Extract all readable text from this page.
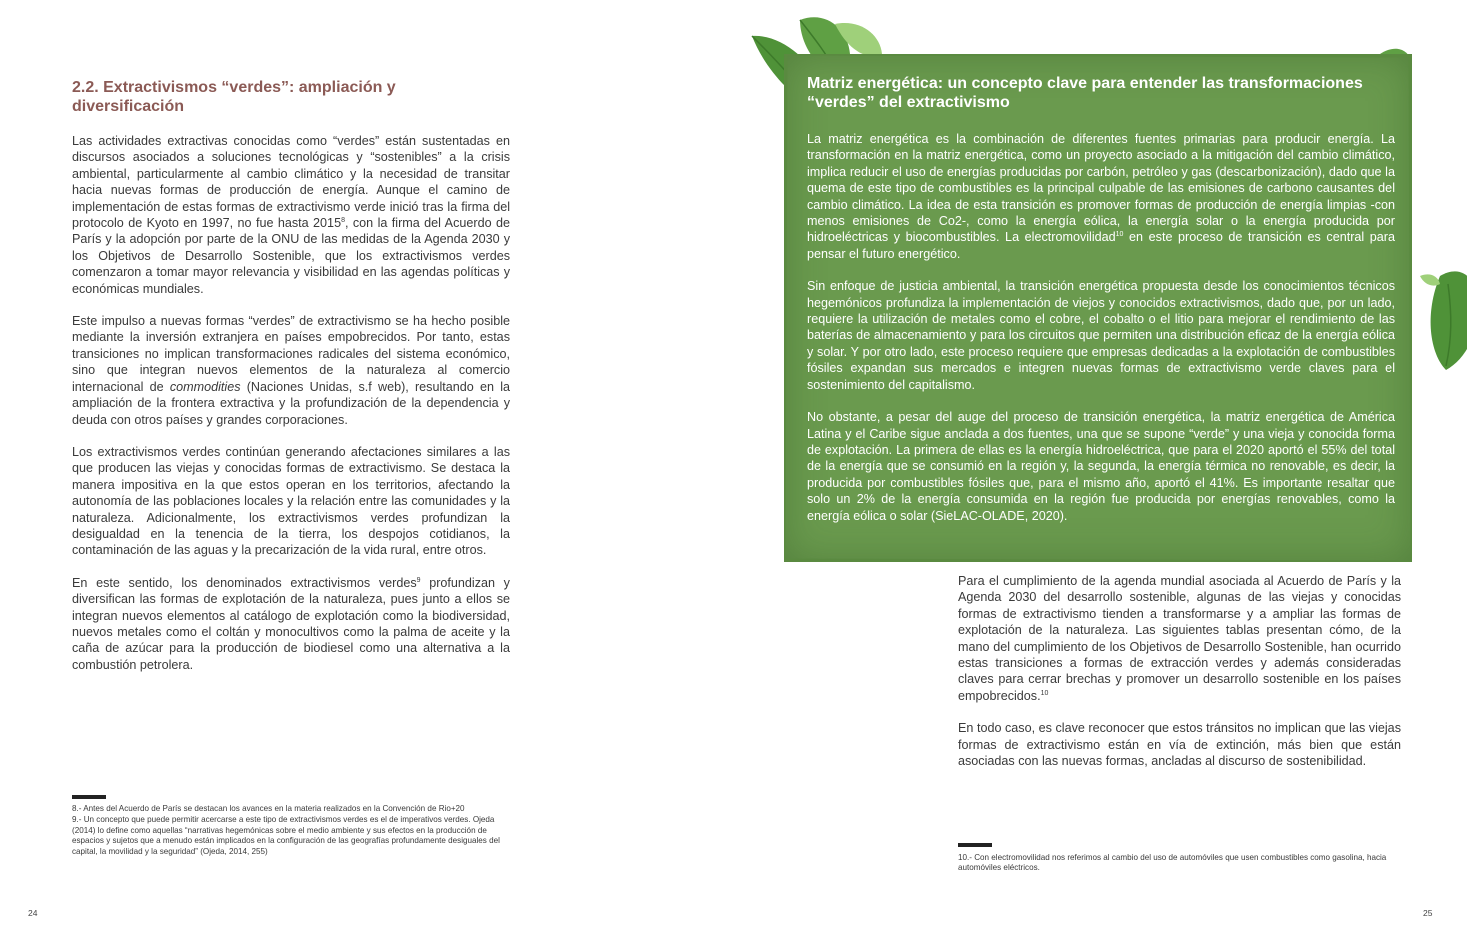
2.2. Extractivismos “verdes”: ampliación y diversificación

Las actividades extractivas conocidas como “verdes” están sustentadas en discursos asociados a soluciones tecnológicas y “sostenibles” a la crisis ambiental, particularmente al cambio climático y la necesidad de transitar hacia nuevas formas de producción de energía. Aunque el camino de implementación de estas formas de extractivismo verde inició tras la firma del protocolo de Kyoto en 1997, no fue hasta 2015$^8$, con la firma del Acuerdo de París y la adopción por parte de la ONU de las medidas de la Agenda 2030 y los Objetivos de Desarrollo Sostenible, que los extractivismos verdes comenzaron a tomar mayor relevancia y visibilidad en las agendas políticas y económicas mundiales.

Este impulso a nuevas formas “verdes” de extractivismo se ha hecho posible mediante la inversión extranjera en países empobrecidos. Por tanto, estas transiciones no implican transformaciones radicales del sistema económico, sino que integran nuevos elementos de la naturaleza al comercio internacional de commodities (Naciones Unidas, s.f web), resultando en la ampliación de la frontera extractiva y la profundización de la dependencia y deuda con otros países y grandes corporaciones.

Los extractivismos verdes continúan generando afectaciones similares a las que producen las viejas y conocidas formas de extractivismo. Se destaca la manera impositiva en la que estos operan en los territorios, afectando la autonomía de las poblaciones locales y la relación entre las comunidades y la naturaleza. Adicionalmente, los extractivismos verdes profundizan la desigualdad en la tenencia de la tierra, los despojos cotidianos, la contaminación de las aguas y la precarización de la vida rural, entre otros.

En este sentido, los denominados extractivismos verdes$^9$ profundizan y diversifican las formas de explotación de la naturaleza, pues junto a ellos se integran nuevos elementos al catálogo de explotación como la biodiversidad, nuevos metales como el coltán y monocultivos como la palma de aceite y la caña de azúcar para la producción de biodiesel como una alternativa a la combustión petrolera.

8.- Antes del Acuerdo de París se destacan los avances en la materia realizados en la Convención de Rio+20

9.- Un concepto que puede permitir acercarse a este tipo de extractivismos verdes es el de imperativos verdes. Ojeda (2014) lo define como aquellas “narrativas hegemónicas sobre el medio ambiente y sus efectos en la producción de espacios y sujetos que a menudo están implicados en la configuración de las geografías profundamente desiguales del capital, la movilidad y la seguridad” (Ojeda, 2014, 255)

24
Matriz energética: un concepto clave para entender las transformaciones “verdes” del extractivismo

La matriz energética es la combinación de diferentes fuentes primarias para producir energía. La transformación en la matriz energética, como un proyecto asociado a la mitigación del cambio climático, implica reducir el uso de energías producidas por carbón, petróleo y gas (descarbonización), dado que la quema de este tipo de combustibles es la principal culpable de las emisiones de carbono causantes del cambio climático. La idea de esta transición es promover formas de producción de energía limpias -con menos emisiones de Co2-, como la energía eólica, la energía solar o la energía producida por hidroeléctricas y biocombustibles. La electromovilidad$^{10}$ en este proceso de transición es central para pensar el futuro energético.

Sin enfoque de justicia ambiental, la transición energética propuesta desde los conocimientos técnicos hegemónicos profundiza la implementación de viejos y conocidos extractivismos, dado que, por un lado, requiere la utilización de metales como el cobre, el cobalto o el litio para mejorar el rendimiento de las baterías de almacenamiento y para los circuitos que permiten una distribución eficaz de la energía eólica y solar. Y por otro lado, este proceso requiere que empresas dedicadas a la explotación de combustibles fósiles expandan sus mercados e integren nuevas formas de extractivismo verde claves para el sostenimiento del capitalismo.

No obstante, a pesar del auge del proceso de transición energética, la matriz energética de América Latina y el Caribe sigue anclada a dos fuentes, una que se supone “verde” y una vieja y conocida forma de explotación. La primera de ellas es la energía hidroeléctrica, que para el 2020 aportó el 55% del total de la energía que se consumió en la región y, la segunda, la energía térmica no renovable, es decir, la producida por combustibles fósiles que, para el mismo año, aportó el 41%. Es importante resaltar que solo un 2% de la energía consumida en la región fue producida por energías renovables, como la energía eólica o solar (SieLAC-OLADE, 2020).

Para el cumplimiento de la agenda mundial asociada al Acuerdo de París y la Agenda 2030 del desarrollo sostenible, algunas de las viejas y conocidas formas de extractivismo tienden a transformarse y a ampliar las formas de explotación de la naturaleza. Las siguientes tablas presentan cómo, de la mano del cumplimiento de los Objetivos de Desarrollo Sostenible, han ocurrido estas transiciones a formas de extracción verdes y además consideradas claves para cerrar brechas y promover un desarrollo sostenible en los países empobrecidos.$^{10}$

En todo caso, es clave reconocer que estos tránsitos no implican que las viejas formas de extractivismo están en vía de extinción, más bien que están asociadas con las nuevas formas, ancladas al discurso de sostenibilidad.

10.- Con electromovilidad nos referimos al cambio del uso de automóviles que usen combustibles como gasolina, hacia automóviles eléctricos.

25
